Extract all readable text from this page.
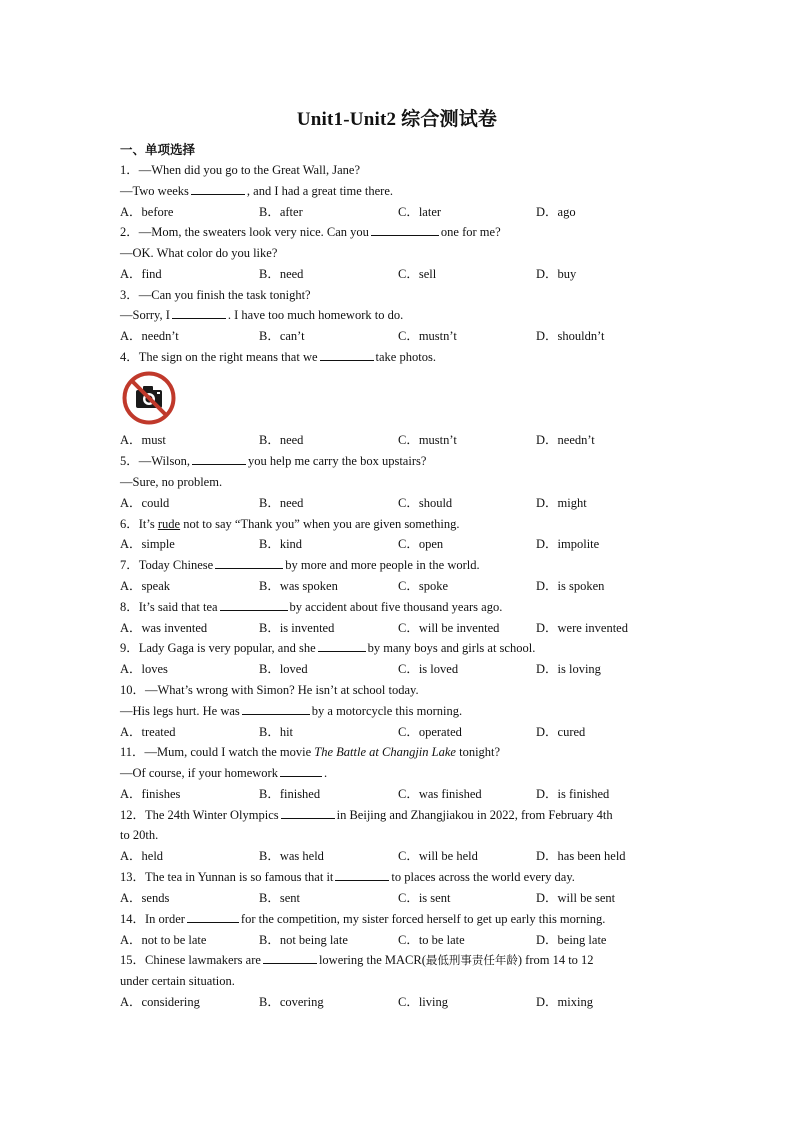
Unit1-Unit2 综合测试卷
一、单项选择
1．—When did you go to the Great Wall, Jane?
—Two weeks	, and I had a great time there.
A．before	B．after	C．later	D．ago
2．—Mom, the sweaters look very nice. Can you	one for me?
—OK. What color do you like?
A．find	B．need	C．sell	D．buy
3．—Can you finish the task tonight?
—Sorry, I	. I have too much homework to do.
A．needn’t	B．can’t	C．mustn’t	D．shouldn’t
4．The sign on the right means that we	take photos.
A．must	B．need	C．mustn’t	D．needn’t
5．—Wilson,	you help me carry the box upstairs?
—Sure, no problem.
A．could	B．need	C．should	D．might
6．It’s rude not to say “Thank you” when you are given something.
A．simple	B．kind	C．open	D．impolite
7．Today Chinese	by more and more people in the world.
A．speak	B．was spoken	C．spoke	D．is spoken
8．It’s said that tea	by accident about five thousand years ago.
A．was invented	B．is invented	C．will be invented	D．were invented
9．Lady Gaga is very popular, and she	by many boys and girls at school.
A．loves	B．loved	C．is loved	D．is loving
10．—What’s wrong with Simon? He isn’t at school today.
—His legs hurt. He was	by a motorcycle this morning.
A．treated	B．hit	C．operated	D．cured
11．—Mum, could I watch the movie The Battle at Changjin Lake tonight?
—Of course, if your homework	.
A．finishes	B．finished	C．was finished	D．is finished
12．The 24th Winter Olympics	in Beijing and Zhangjiakou in 2022, from February 4th
to 20th.
A．held	B．was held	C．will be held	D．has been held
13．The tea in Yunnan is so famous that it	to places across the world every day.
A．sends	B．sent	C．is sent	D．will be sent
14．In order	for the competition, my sister forced herself to get up early this morning.
A．not to be late	B．not being late	C．to be late	D．being late
15．Chinese lawmakers are	lowering the MACR(最低刑事责任年龄) from 14 to 12
under certain situation.
A．considering	B．covering	C．living	D．mixing
